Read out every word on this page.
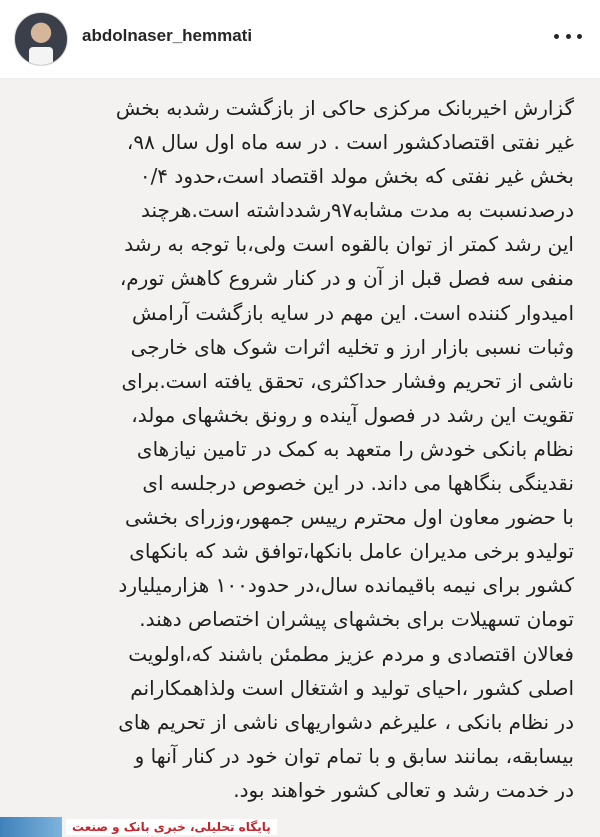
abdolnaser_hemmati
گزارش اخیربانک مرکزی حاکی از بازگشت رشدبه بخش
غیر نفتی اقتصادکشور است . در سه ماه اول سال ۹۸،
بخش غیر نفتی که بخش مولد اقتصاد است،حدود ۰/۴
درصدنسبت به مدت مشابه۹۷رشدداشته است.هرچند
این رشد کمتر از توان بالقوه است ولی،با توجه به رشد
منفی سه فصل قبل از آن و در کنار شروع کاهش تورم،
امیدوار کننده است. این مهم در سایه بازگشت آرامش
وثبات نسبی بازار ارز و تخلیه اثرات شوک های خارجی
ناشی از تحریم وفشار حداکثری، تحقق یافته است.برای
تقویت این رشد در فصول آینده و رونق بخشهای مولد،
نظام بانکی خودش را متعهد به کمک در تامین نیازهای
نقدینگی بنگاهها می داند. در این خصوص درجلسه ای
با حضور معاون اول محترم رییس جمهور،وزرای بخشی
تولیدو برخی مدیران عامل بانکها،توافق شد که بانکهای
کشور برای نیمه باقیمانده سال،در حدود۱۰۰ هزارمیلیارد
تومان تسهیلات برای بخشهای پیشران اختصاص دهند.
فعالان اقتصادی و مردم عزیز مطمئن باشند که،اولویت
اصلی کشور ،احیای تولید و اشتغال است ولذاهمکارانم
در نظام بانکی ، علیرغم دشواریهای ناشی از تحریم های
بیسابقه، بمانند سابق و با تمام توان خود در کنار آنها و
در خدمت رشد و تعالی کشور خواهند بود.
پایگاه تحلیلی، خبری بانک و صنعت
